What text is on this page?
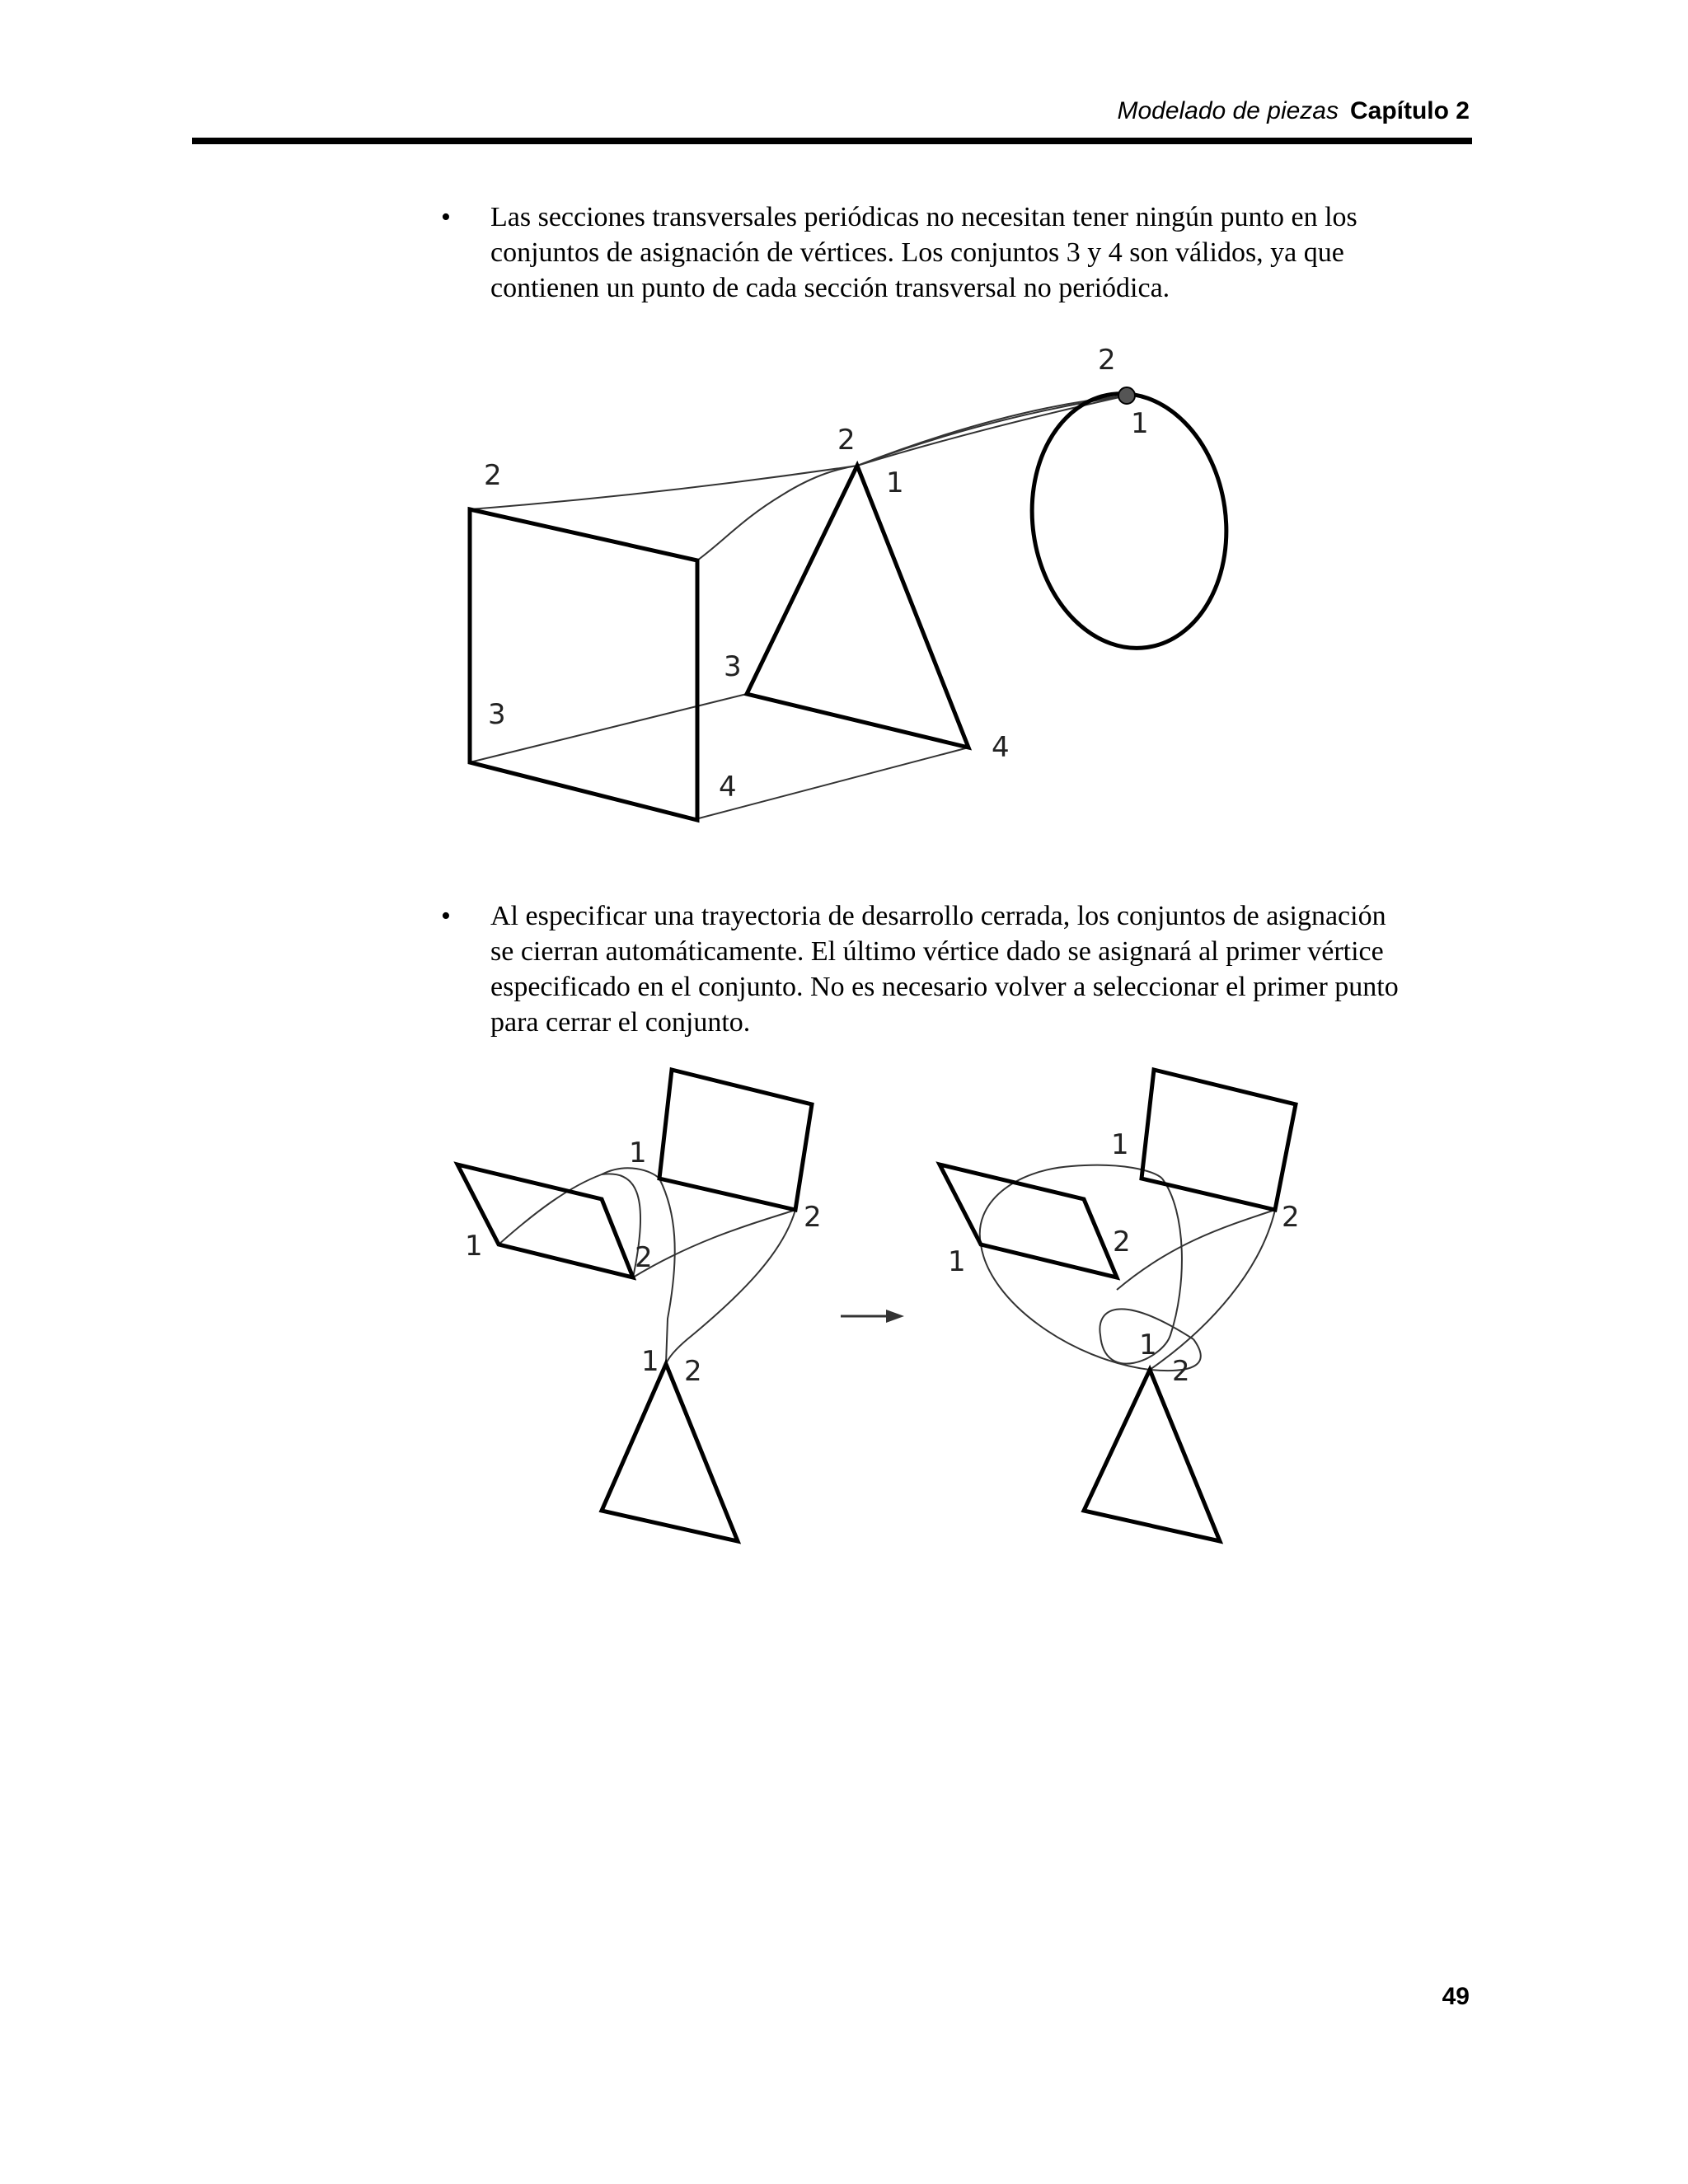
Modelado de piezas Capítulo 2
• Las secciones transversales periódicas no necesitan tener ningún punto en los
conjuntos de asignación de vértices. Los conjuntos 3 y 4 son válidos, ya que
contienen un punto de cada sección transversal no periódica.
2
2	1
2	1
3
3
4
4
• Al especificar una trayectoria de desarrollo cerrada, los conjuntos de asignación
se cierran automáticamente. El último vértice dado se asignará al primer vértice
especificado en el conjunto. No es necesario volver a seleccionar el primer punto
para cerrar el conjunto.
1
1	2
2
1 2
1
1
2
2
1
2
49
